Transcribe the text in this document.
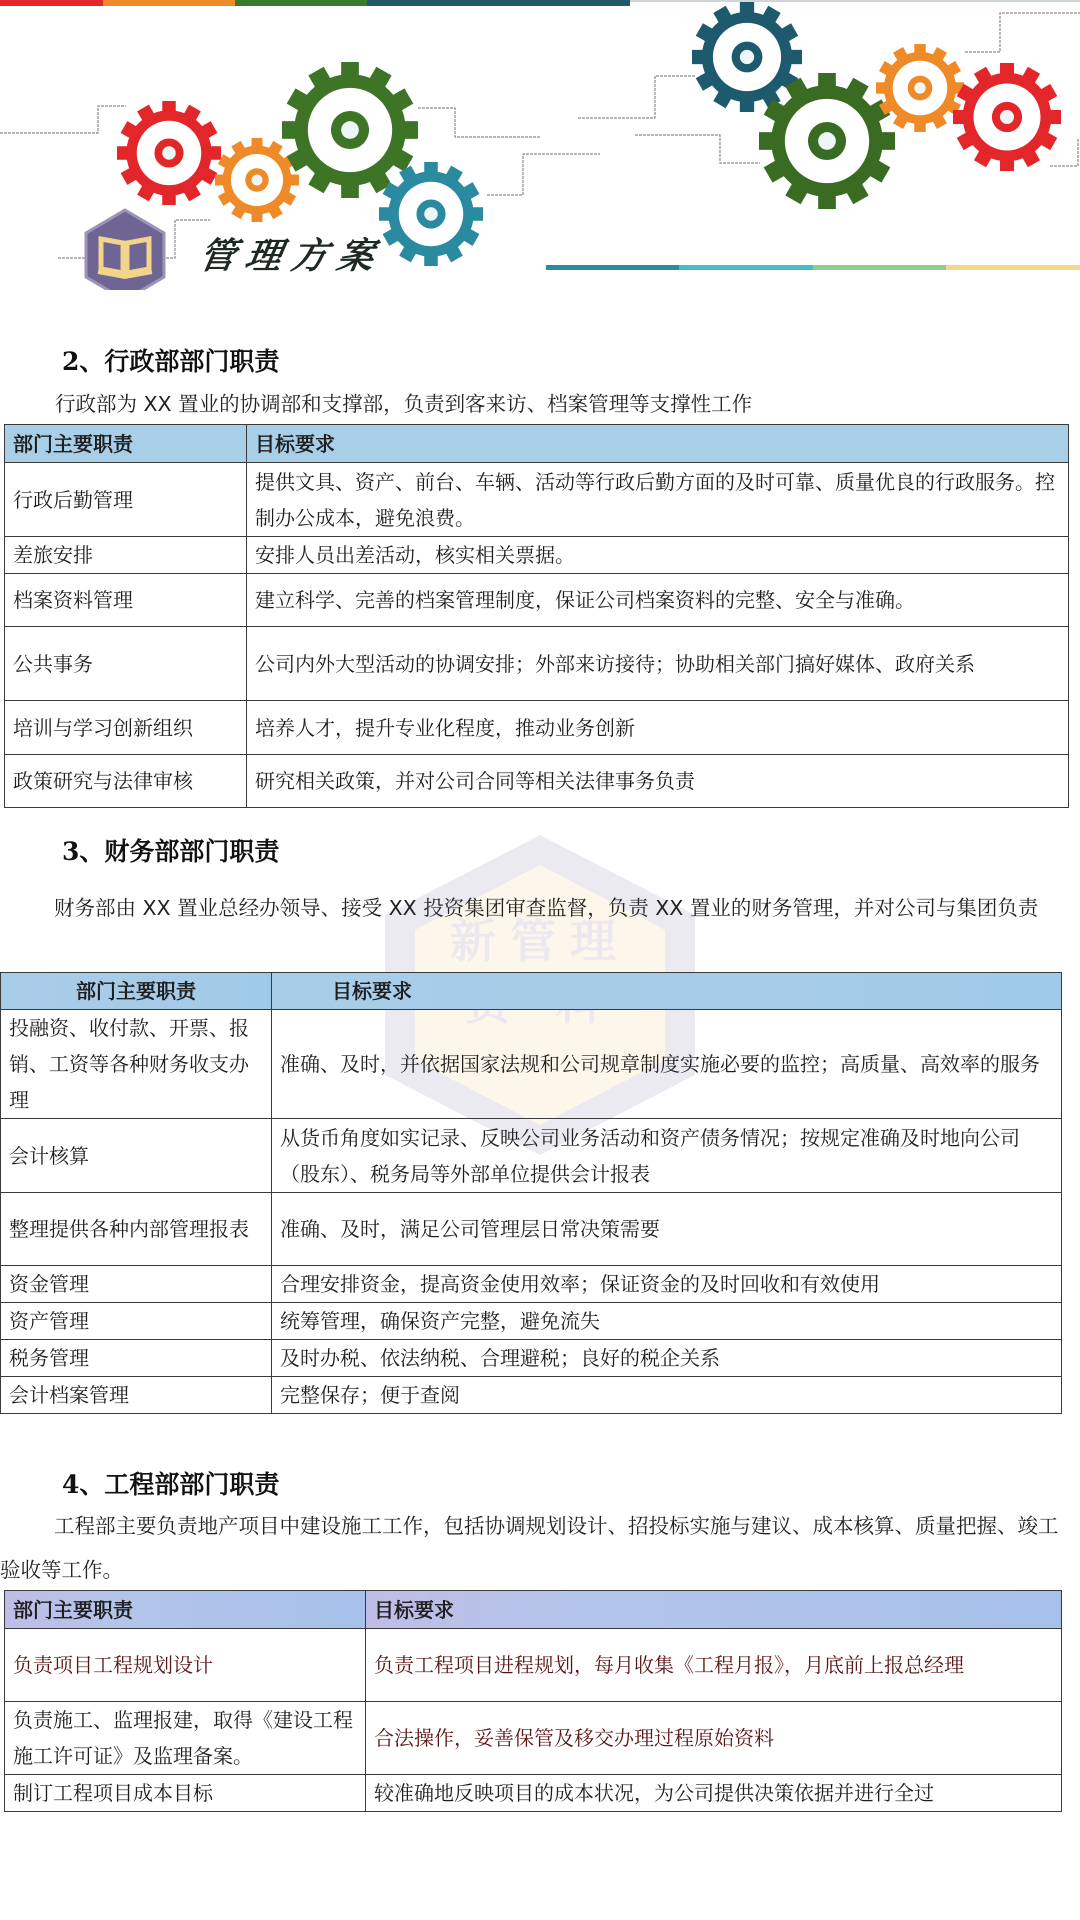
管理方案
新管理
2、行政部部门职责
行政部为 XX 置业的协调部和支撑部，负责到客来访、档案管理等支撑性工作
部门主要职责	目标要求
行政后勤管理	提供文具、资产、前台、车辆、活动等行政后勤方面的及时可靠、质量优良的行政服务。控制办公成本，避免浪费。
差旅安排	安排人员出差活动，核实相关票据。
档案资料管理	建立科学、完善的档案管理制度，保证公司档案资料的完整、安全与准确。
公共事务	公司内外大型活动的协调安排；外部来访接待；协助相关部门搞好媒体、政府关系
培训与学习创新组织	培养人才，提升专业化程度，推动业务创新
政策研究与法律审核	研究相关政策，并对公司合同等相关法律事务负责
3、财务部部门职责
财务部由 XX 置业总经办领导、接受 XX 投资集团审查监督，负责 XX 置业的财务管理，并对公司与集团负责
部门主要职责	目标要求
投融资、收付款、开票、报销、工资等各种财务收支办理	准确、及时，并依据国家法规和公司规章制度实施必要的监控；高质量、高效率的服务
会计核算	从货币角度如实记录、反映公司业务活动和资产债务情况；按规定准确及时地向公司（股东）、税务局等外部单位提供会计报表
整理提供各种内部管理报表	准确、及时，满足公司管理层日常决策需要
资金管理	合理安排资金，提高资金使用效率；保证资金的及时回收和有效使用
资产管理	统筹管理，确保资产完整，避免流失
税务管理	及时办税、依法纳税、合理避税；良好的税企关系
会计档案管理	完整保存；便于查阅
4、工程部部门职责
工程部主要负责地产项目中建设施工工作，包括协调规划设计、招投标实施与建议、成本核算、质量把握、竣工验收等工作。
部门主要职责	目标要求
负责项目工程规划设计	负责工程项目进程规划，每月收集《工程月报》，月底前上报总经理
负责施工、监理报建，取得《建设工程施工许可证》及监理备案。	合法操作，妥善保管及移交办理过程原始资料
制订工程项目成本目标	较准确地反映项目的成本状况，为公司提供决策依据并进行全过
